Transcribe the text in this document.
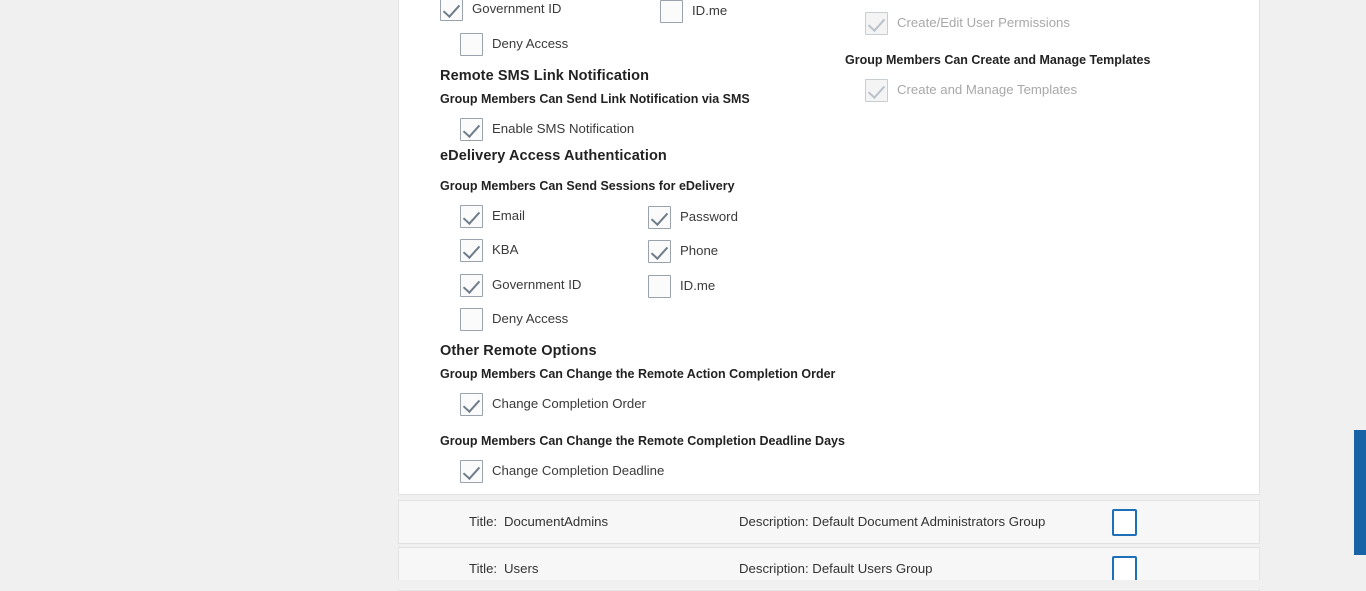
Government ID	ID.me
Deny Access
Remote SMS Link Notification
Group Members Can Send Link Notification via SMS
Enable SMS Notification
eDelivery Access Authentication
Group Members Can Send Sessions for eDelivery
Email	Password
KBA	Phone
Government ID	ID.me
Deny Access
Other Remote Options
Group Members Can Change the Remote Action Completion Order
Change Completion Order
Group Members Can Change the Remote Completion Deadline Days
Change Completion Deadline
Create/Edit User Permissions
Group Members Can Create and Manage Templates
Create and Manage Templates
Title: DocumentAdmins	Description: Default Document Administrators Group
Title: Users	Description: Default Users Group
